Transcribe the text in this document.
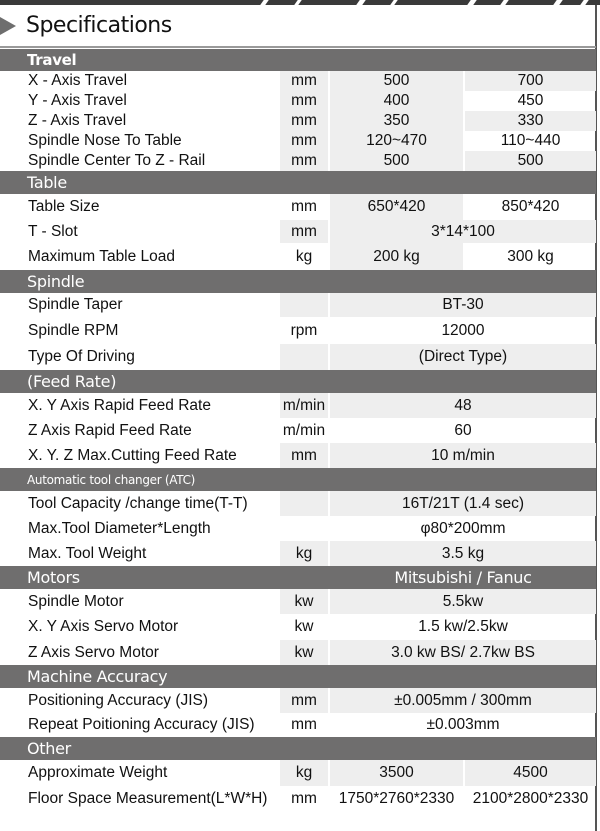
Specifications
Travel
X - Axis Travel	mm	500	700
Y - Axis Travel	mm	400	450
Z - Axis Travel	mm	350	330
Spindle Nose To Table	mm	120~470	110~440
Spindle Center To Z - Rail	mm	500	500
Table
Table Size	mm	650*420	850*420
T - Slot	mm	3*14*100
Maximum Table Load	kg	200 kg	300 kg
Spindle
Spindle Taper	BT-30
Spindle RPM	rpm	12000
Type Of Driving	(Direct Type)
(Feed Rate)
X. Y Axis Rapid Feed Rate	m/min	48
Z Axis Rapid Feed Rate	m/min	60
X. Y. Z Max.Cutting Feed Rate	mm	10 m/min
Automatic tool changer (ATC)
Tool Capacity /change time(T-T)	16T/21T (1.4 sec)
Max.Tool Diameter*Length	φ80*200mm
Max. Tool Weight	kg	3.5 kg
Motors	Mitsubishi / Fanuc
Spindle Motor	kw	5.5kw
X. Y Axis Servo Motor	kw	1.5 kw/2.5kw
Z Axis Servo Motor	kw	3.0 kw BS/ 2.7kw BS
Machine Accuracy
Positioning Accuracy (JIS)	mm	±0.005mm / 300mm
Repeat Poitioning Accuracy (JIS)	mm	±0.003mm
Other
Approximate Weight	kg	3500	4500
Floor Space Measurement(L*W*H)	mm	1750*2760*2330	2100*2800*2330
